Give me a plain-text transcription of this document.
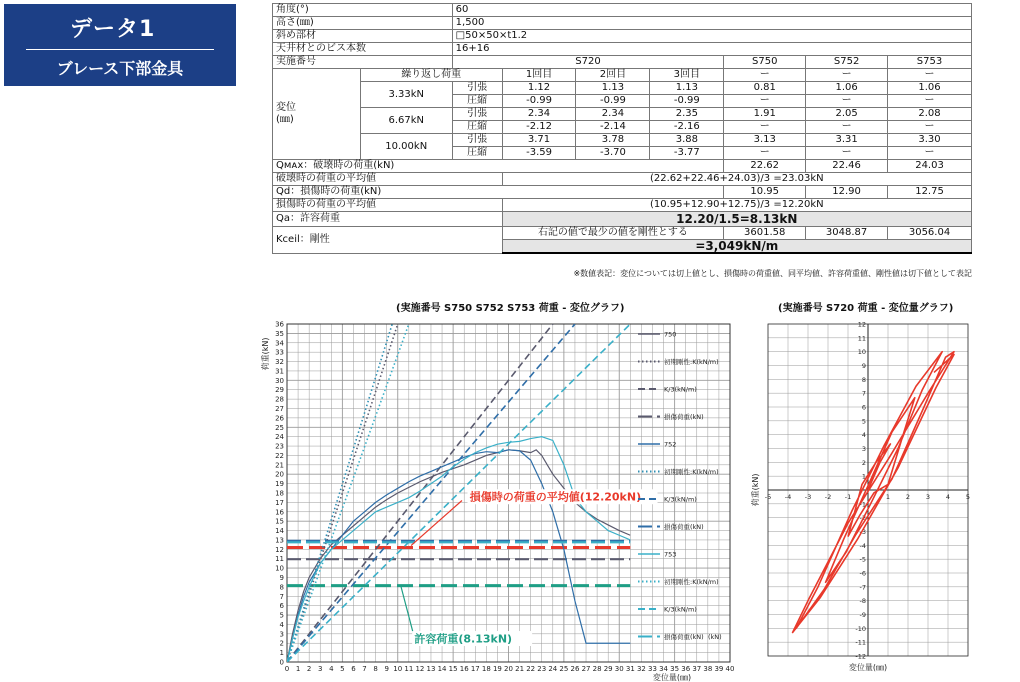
データ1
ブレース下部金具
角度(°)		60						
高さ(㎜)		1,500						
斜め部材		□50×50×t1.2						
天井材とのビス本数		16+16						
実施番号		S720				S750	S752	S753
変位
(㎜)	繰り返し荷重		1回目	2回目	3回目	ー	ー	ー
	3.33kN	引張	1.12	1.13	1.13	0.81	1.06	1.06
		圧縮	-0.99	-0.99	-0.99	ー	ー	ー
	6.67kN	引張	2.34	2.34	2.35	1.91	2.05	2.08
		圧縮	-2.12	-2.14	-2.16	ー	ー	ー
	10.00kN	引張	3.71	3.78	3.88	3.13	3.31	3.30
		圧縮	-3.59	-3.70	-3.77	ー	ー	ー
Qᴍᴀx：破壊時の荷重(kN)						22.62	22.46	24.03
破壊時の荷重の平均値			(22.62+22.46+24.03)/3 =23.03kN					
Qd：損傷時の荷重(kN)						10.95	12.90	12.75
損傷時の荷重の平均値			(10.95+12.90+12.75)/3 =12.20kN					
Qa：許容荷重			12.20/1.5=8.13kN					
Kceil：剛性			右記の値で最少の値を剛性とする			3601.58	3048.87	3056.04
			=3,049kN/m					
※数値表記：変位については切上値とし、損傷時の荷重値、同平均値、許容荷重値、剛性値は切下値として表記
(実施番号 S750 S752 S753 荷重 - 変位グラフ)	(実施番号 S720 荷重 - 変位量グラフ)
0 1 2 3 4 5 6 7 8 9 10 11 12 13 14 15 16 17 18 19 20 21 22 23 24 25 26 27 28 29 30 31 32 33 34 35 36 37 38 39 40
0
1
2
3
4
5
6
7
8
9
10
11
12
13
14
15
16
17
18
19
20
21
22
23
24
25
26
27
28
29
30
31
32
33
34
35
36
変位量(㎜)
荷重(kN)
損傷時の荷重の平均値(12.20kN)
許容荷重(8.13kN)
750
初期剛性:K(kN/m)
K/3(kN/m)
損傷荷重(kN)
752
初期剛性:K(kN/m)
K/3(kN/m)
損傷荷重(kN)
753
初期剛性:K(kN/m)
K/3(kN/m)
損傷荷重(kN) (kN)
-5 -4 -3 -2 -1	1 2 3 4 5
-12
-11
-10
-9
-8
-7
-6
-5
-4
-3
-2
-1
1
2
3
4
5
6
7
8
9
10
11
12
変位量(㎜)
荷重(kN)
